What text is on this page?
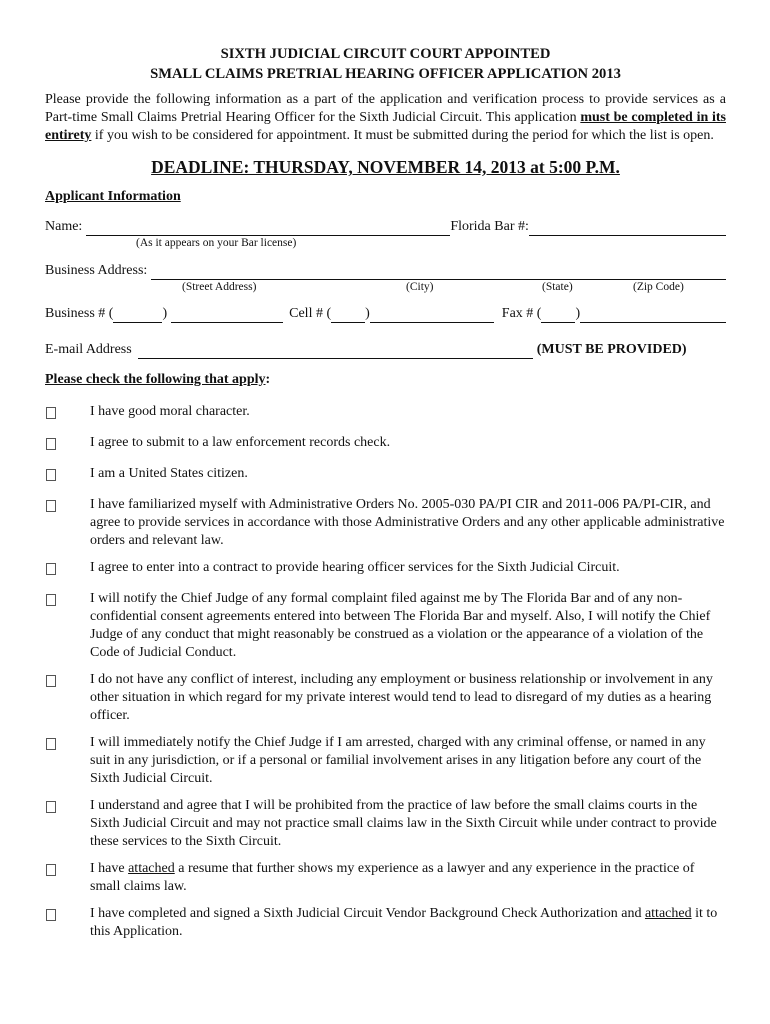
SIXTH JUDICIAL CIRCUIT COURT APPOINTED
SMALL CLAIMS PRETRIAL HEARING OFFICER APPLICATION 2013
Please provide the following information as a part of the application and verification process to provide services as a Part-time Small Claims Pretrial Hearing Officer for the Sixth Judicial Circuit. This application must be completed in its entirety if you wish to be considered for appointment. It must be submitted during the period for which the list is open.
DEADLINE: THURSDAY, NOVEMBER 14, 2013 at 5:00 P.M.
Applicant Information
Name:	Florida Bar #:
(As it appears on your Bar license)
Business Address:
(Street Address)	(City)	(State)	(Zip Code)
Business # (	)	Cell # ( )	Fax # ( )
E-mail Address	(MUST BE PROVIDED)
Please check the following that apply:
I have good moral character.
I agree to submit to a law enforcement records check.
I am a United States citizen.
I have familiarized myself with Administrative Orders No. 2005-030 PA/PI CIR and 2011-006 PA/PI-CIR, and agree to provide services in accordance with those Administrative Orders and any other applicable administrative orders and relevant law.
I agree to enter into a contract to provide hearing officer services for the Sixth Judicial Circuit.
I will notify the Chief Judge of any formal complaint filed against me by The Florida Bar and of any non-confidential consent agreements entered into between The Florida Bar and myself. Also, I will notify the Chief Judge of any conduct that might reasonably be construed as a violation or the appearance of a violation of the Code of Judicial Conduct.
I do not have any conflict of interest, including any employment or business relationship or involvement in any other situation in which regard for my private interest would tend to lead to disregard of my duties as a hearing officer.
I will immediately notify the Chief Judge if I am arrested, charged with any criminal offense, or named in any suit in any jurisdiction, or if a personal or familial involvement arises in any litigation before any court of the Sixth Judicial Circuit.
I understand and agree that I will be prohibited from the practice of law before the small claims courts in the Sixth Judicial Circuit and may not practice small claims law in the Sixth Circuit while under contract to provide these services to the Sixth Circuit.
I have attached a resume that further shows my experience as a lawyer and any experience in the practice of small claims law.
I have completed and signed a Sixth Judicial Circuit Vendor Background Check Authorization and attached it to this Application.
